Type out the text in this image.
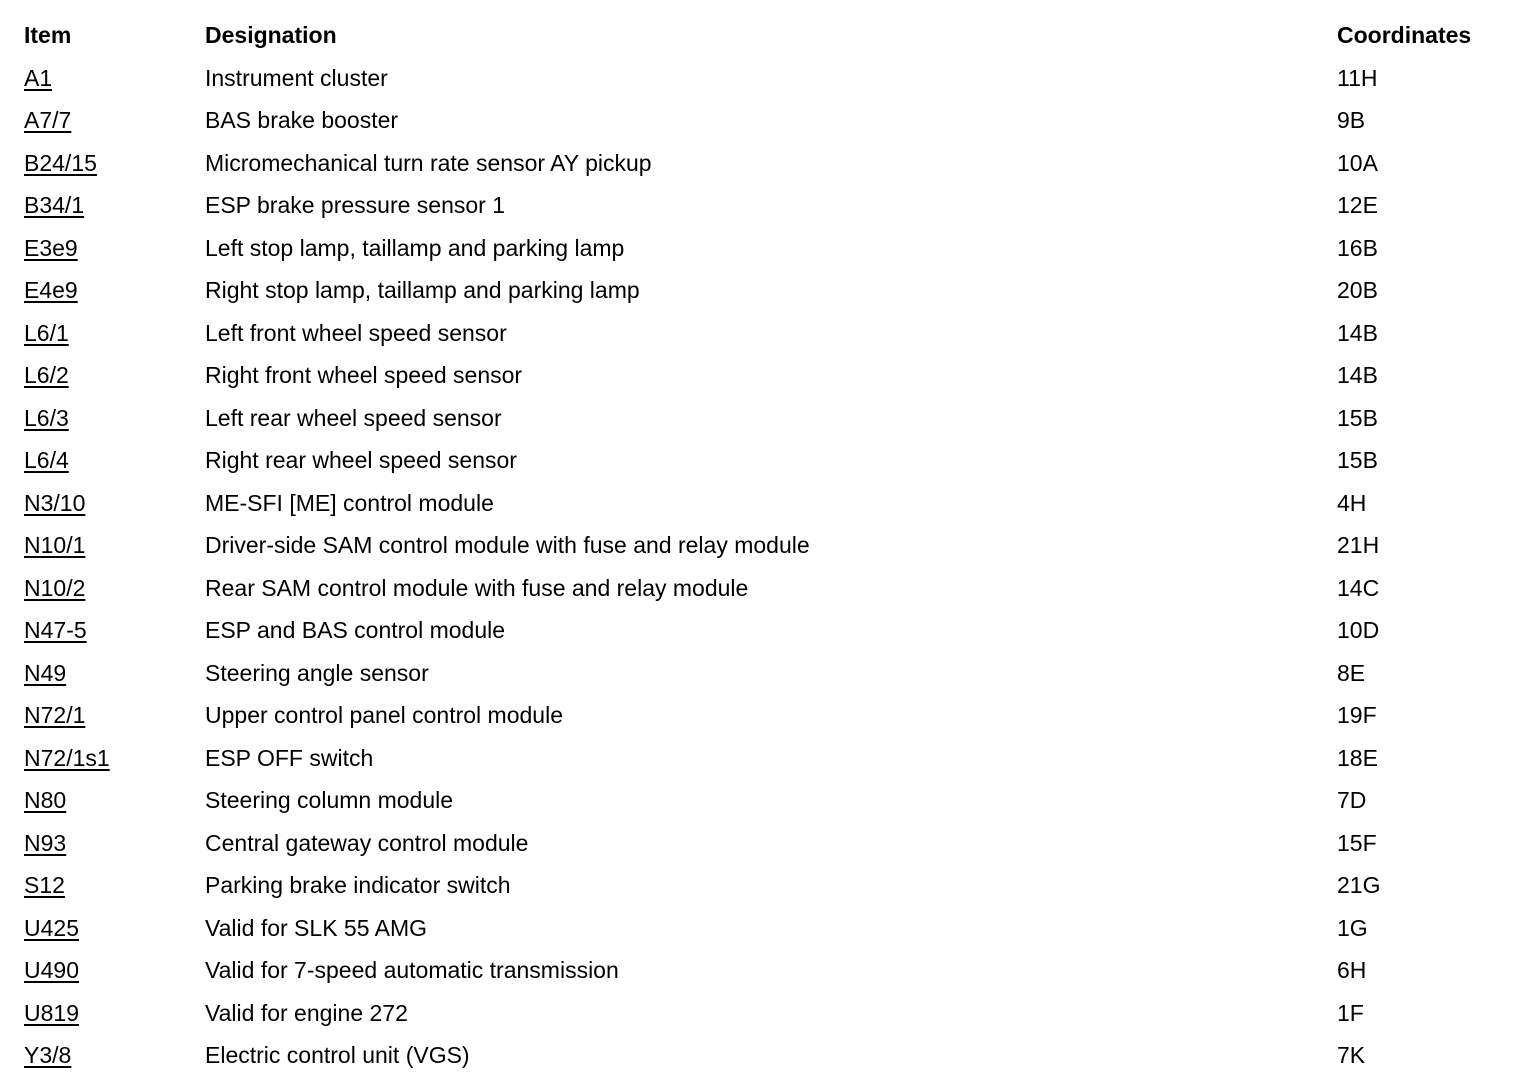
Item	Designation	Coordinates
A1	Instrument cluster	11H
A7/7	BAS brake booster	9B
B24/15	Micromechanical turn rate sensor AY pickup	10A
B34/1	ESP brake pressure sensor 1	12E
E3e9	Left stop lamp, taillamp and parking lamp	16B
E4e9	Right stop lamp, taillamp and parking lamp	20B
L6/1	Left front wheel speed sensor	14B
L6/2	Right front wheel speed sensor	14B
L6/3	Left rear wheel speed sensor	15B
L6/4	Right rear wheel speed sensor	15B
N3/10	ME-SFI [ME] control module	4H
N10/1	Driver-side SAM control module with fuse and relay module	21H
N10/2	Rear SAM control module with fuse and relay module	14C
N47-5	ESP and BAS control module	10D
N49	Steering angle sensor	8E
N72/1	Upper control panel control module	19F
N72/1s1	ESP OFF switch	18E
N80	Steering column module	7D
N93	Central gateway control module	15F
S12	Parking brake indicator switch	21G
U425	Valid for SLK 55 AMG	1G
U490	Valid for 7-speed automatic transmission	6H
U819	Valid for engine 272	1F
Y3/8	Electric control unit (VGS)	7K
